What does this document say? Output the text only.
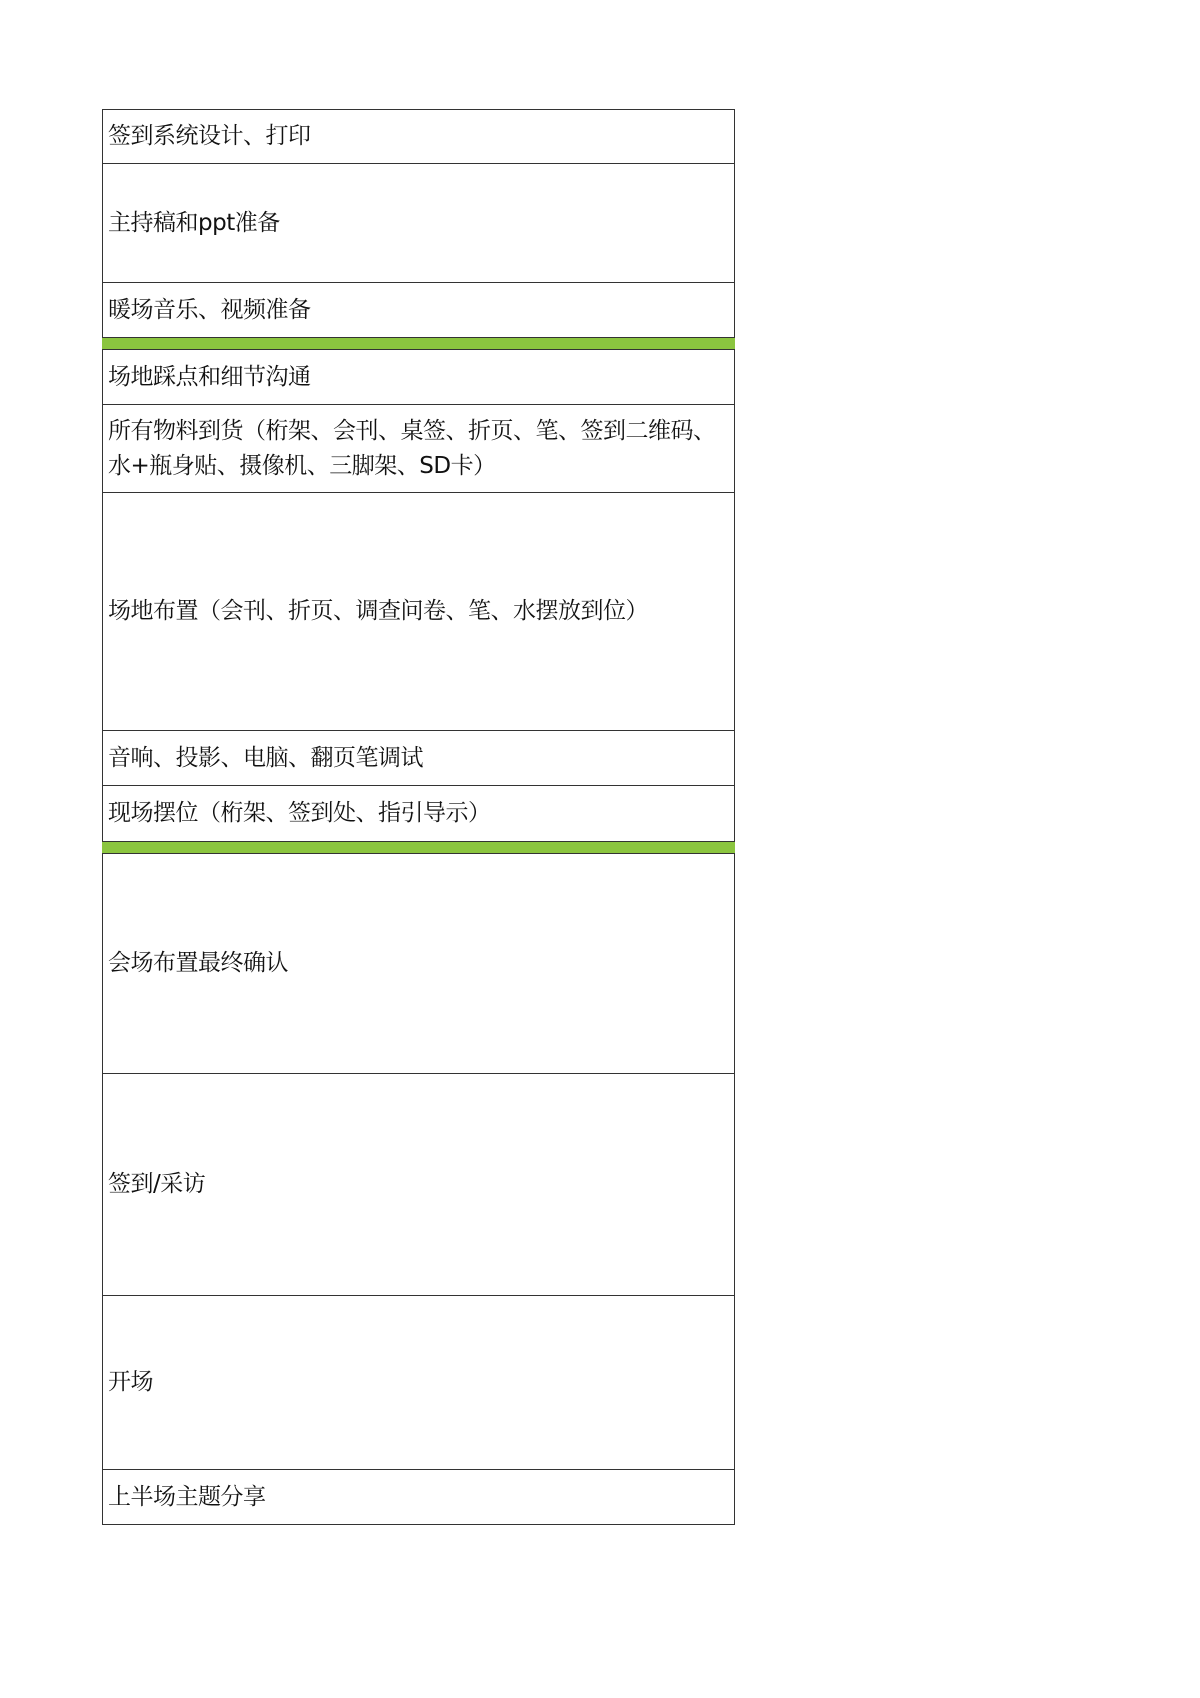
签到系统设计、打印
主持稿和ppt准备
暖场音乐、视频准备
场地踩点和细节沟通
所有物料到货（桁架、会刊、桌签、折页、笔、签到二维码、水+瓶身贴、摄像机、三脚架、SD卡）
场地布置（会刊、折页、调查问卷、笔、水摆放到位）
音响、投影、电脑、翻页笔调试
现场摆位（桁架、签到处、指引导示）
会场布置最终确认
签到/采访
开场
上半场主题分享
